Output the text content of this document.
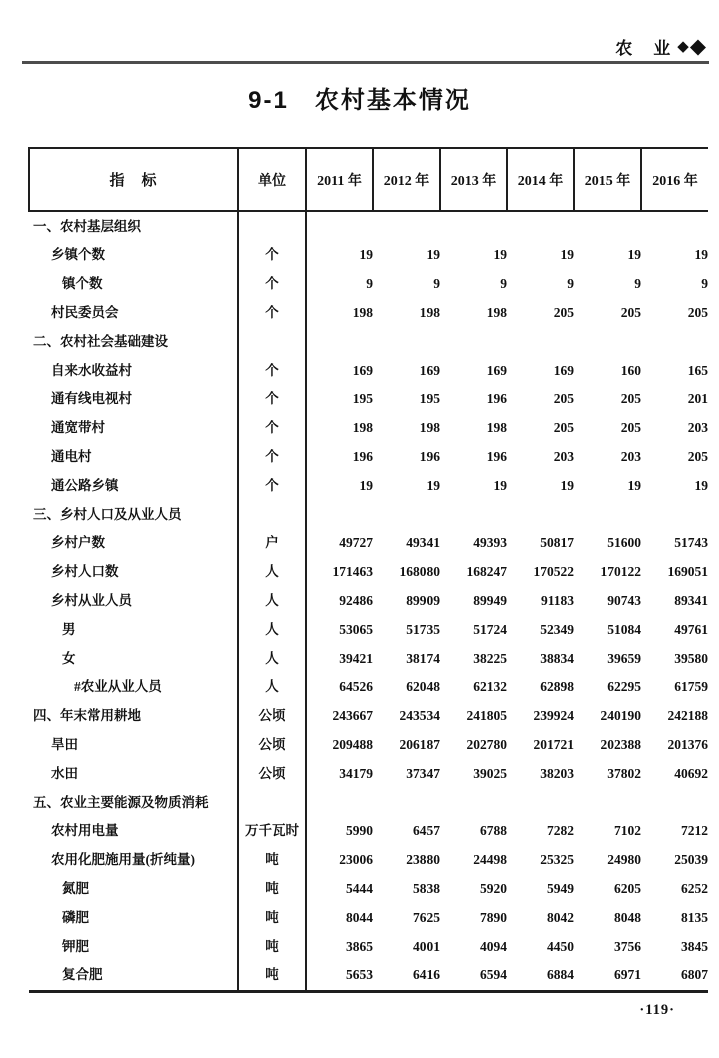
农　业 ◆ ◆
9-1　农村基本情况
指　标	单位	2011 年	2012 年	2013 年	2014 年	2015 年	2016 年
一、农村基层组织							
乡镇个数	个	19	19	19	19	19	19
镇个数	个	9	9	9	9	9	9
村民委员会	个	198	198	198	205	205	205
二、农村社会基础建设							
自来水收益村	个	169	169	169	169	160	165
通有线电视村	个	195	195	196	205	205	201
通宽带村	个	198	198	198	205	205	203
通电村	个	196	196	196	203	203	205
通公路乡镇	个	19	19	19	19	19	19
三、乡村人口及从业人员							
乡村户数	户	49727	49341	49393	50817	51600	51743
乡村人口数	人	171463	168080	168247	170522	170122	169051
乡村从业人员	人	92486	89909	89949	91183	90743	89341
男	人	53065	51735	51724	52349	51084	49761
女	人	39421	38174	38225	38834	39659	39580
#农业从业人员	人	64526	62048	62132	62898	62295	61759
四、年末常用耕地	公顷	243667	243534	241805	239924	240190	242188
旱田	公顷	209488	206187	202780	201721	202388	201376
水田	公顷	34179	37347	39025	38203	37802	40692
五、农业主要能源及物质消耗							
农村用电量	万千瓦时	5990	6457	6788	7282	7102	7212
农用化肥施用量(折纯量)	吨	23006	23880	24498	25325	24980	25039
氮肥	吨	5444	5838	5920	5949	6205	6252
磷肥	吨	8044	7625	7890	8042	8048	8135
钾肥	吨	3865	4001	4094	4450	3756	3845
复合肥	吨	5653	6416	6594	6884	6971	6807
·119·
